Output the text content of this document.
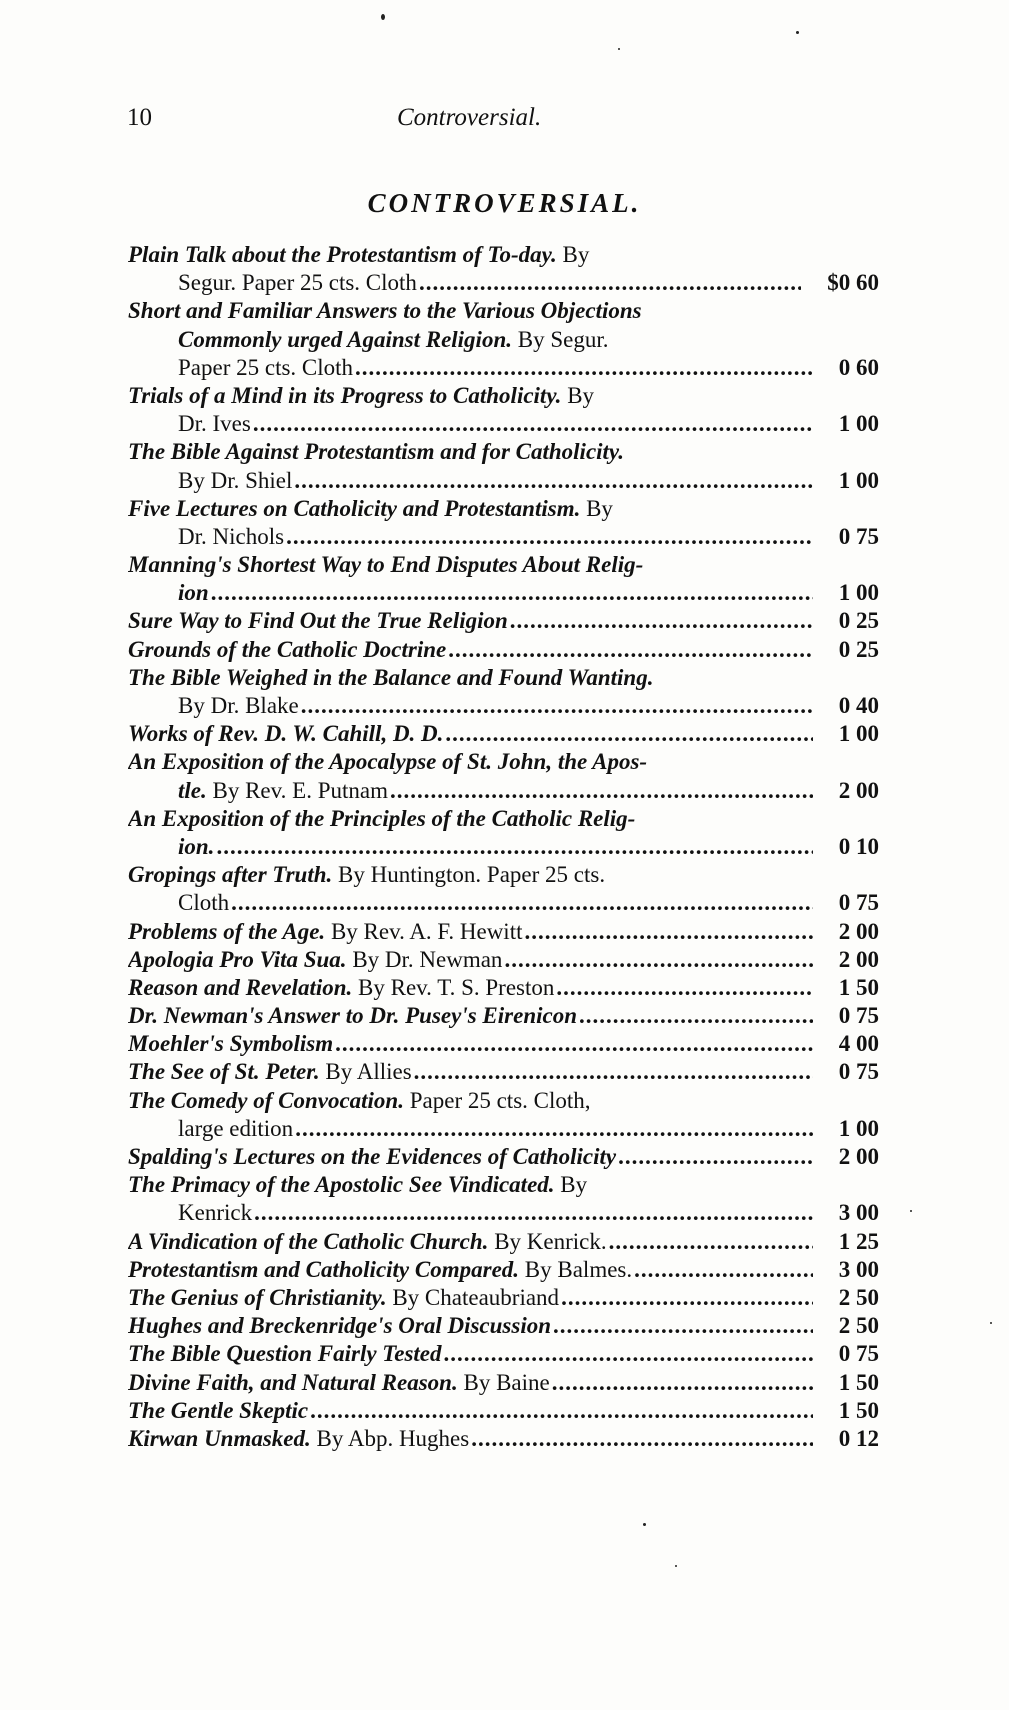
10	Controversial.
CONTROVERSIAL.
Plain Talk about the Protestantism of To-day. By
Segur. Paper 25 cts. Cloth .....	$0 60
Short and Familiar Answers to the Various Objections
Commonly urged Against Religion. By Segur.
Paper 25 cts. Cloth .....	0 60
Trials of a Mind in its Progress to Catholicity. By
Dr. Ives .....	1 00
The Bible Against Protestantism and for Catholicity.
By Dr. Shiel .....	1 00
Five Lectures on Catholicity and Protestantism. By
Dr. Nichols .....	0 75
Manning's Shortest Way to End Disputes About Relig-
ion .....	1 00
Sure Way to Find Out the True Religion .....	0 25
Grounds of the Catholic Doctrine .....	0 25
The Bible Weighed in the Balance and Found Wanting.
By Dr. Blake .....	0 40
Works of Rev. D. W. Cahill, D. D. .....	1 00
An Exposition of the Apocalypse of St. John, the Apos-
tle. By Rev. E. Putnam .....	2 00
An Exposition of the Principles of the Catholic Relig-
ion. .....	0 10
Gropings after Truth. By Huntington. Paper 25 cts.
Cloth .....	0 75
Problems of the Age. By Rev. A. F. Hewitt .....	2 00
Apologia Pro Vita Sua. By Dr. Newman .....	2 00
Reason and Revelation. By Rev. T. S. Preston .....	1 50
Dr. Newman's Answer to Dr. Pusey's Eirenicon .....	0 75
Moehler's Symbolism .....	4 00
The See of St. Peter. By Allies .....	0 75
The Comedy of Convocation. Paper 25 cts. Cloth,
large edition .....	1 00
Spalding's Lectures on the Evidences of Catholicity .....	2 00
The Primacy of the Apostolic See Vindicated. By
Kenrick .....	3 00
A Vindication of the Catholic Church. By Kenrick. .....	1 25
Protestantism and Catholicity Compared. By Balmes. .....	3 00
The Genius of Christianity. By Chateaubriand .....	2 50
Hughes and Breckenridge's Oral Discussion .....	2 50
The Bible Question Fairly Tested .....	0 75
Divine Faith, and Natural Reason. By Baine .....	1 50
The Gentle Skeptic .....	1 50
Kirwan Unmasked. By Abp. Hughes .....	0 12
